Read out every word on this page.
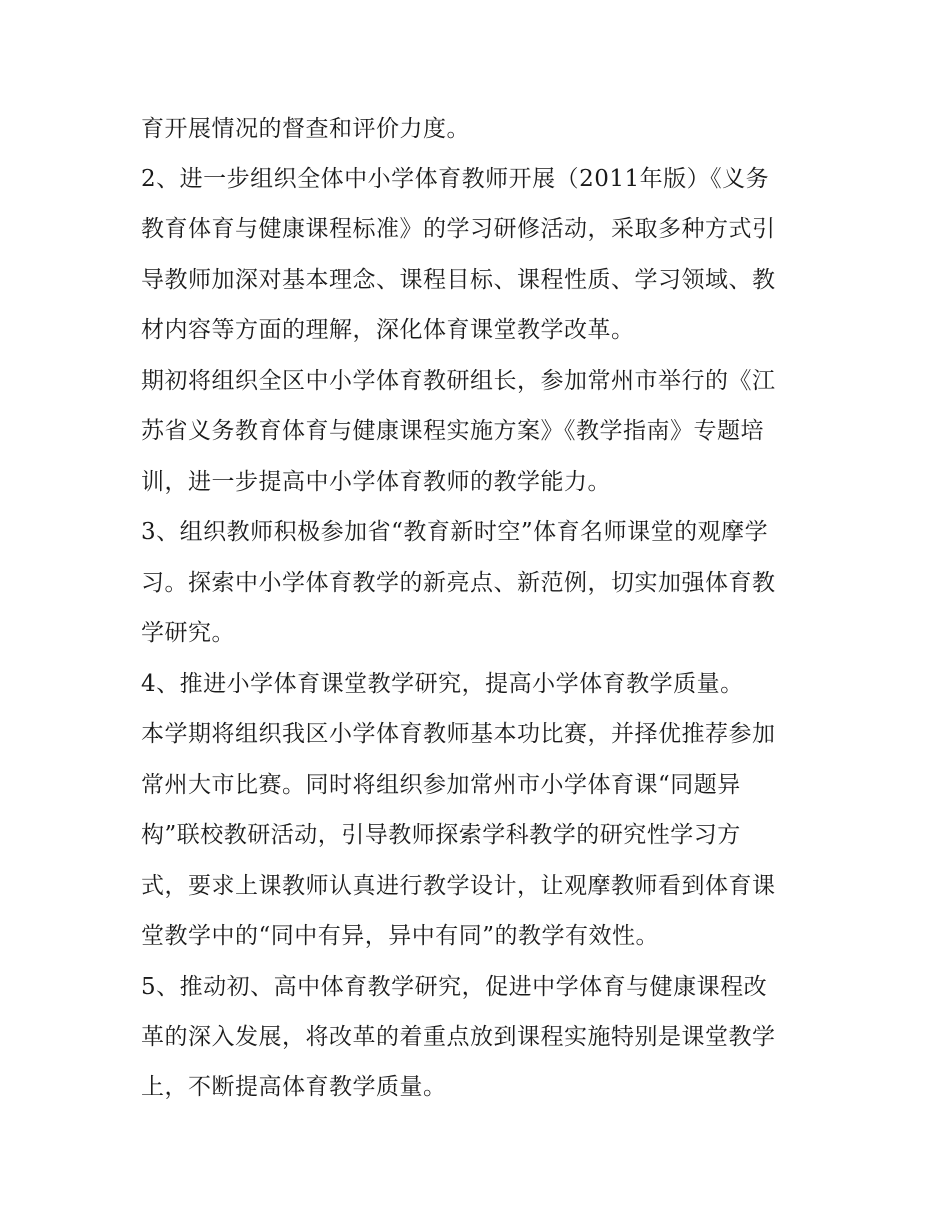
育开展情况的督查和评价力度。
2、进一步组织全体中小学体育教师开展（2011年版）《义务
教育体育与健康课程标准》的学习研修活动，采取多种方式引
导教师加深对基本理念、课程目标、课程性质、学习领域、教
材内容等方面的理解，深化体育课堂教学改革。
期初将组织全区中小学体育教研组长，参加常州市举行的《江
苏省义务教育体育与健康课程实施方案》《教学指南》专题培
训，进一步提高中小学体育教师的教学能力。
3、组织教师积极参加省“教育新时空”体育名师课堂的观摩学
习。探索中小学体育教学的新亮点、新范例，切实加强体育教
学研究。
4、推进小学体育课堂教学研究，提高小学体育教学质量。
本学期将组织我区小学体育教师基本功比赛，并择优推荐参加
常州大市比赛。同时将组织参加常州市小学体育课“同题异
构”联校教研活动，引导教师探索学科教学的研究性学习方
式，要求上课教师认真进行教学设计，让观摩教师看到体育课
堂教学中的“同中有异，异中有同”的教学有效性。
5、推动初、高中体育教学研究，促进中学体育与健康课程改
革的深入发展，将改革的着重点放到课程实施特别是课堂教学
上，不断提高体育教学质量。
